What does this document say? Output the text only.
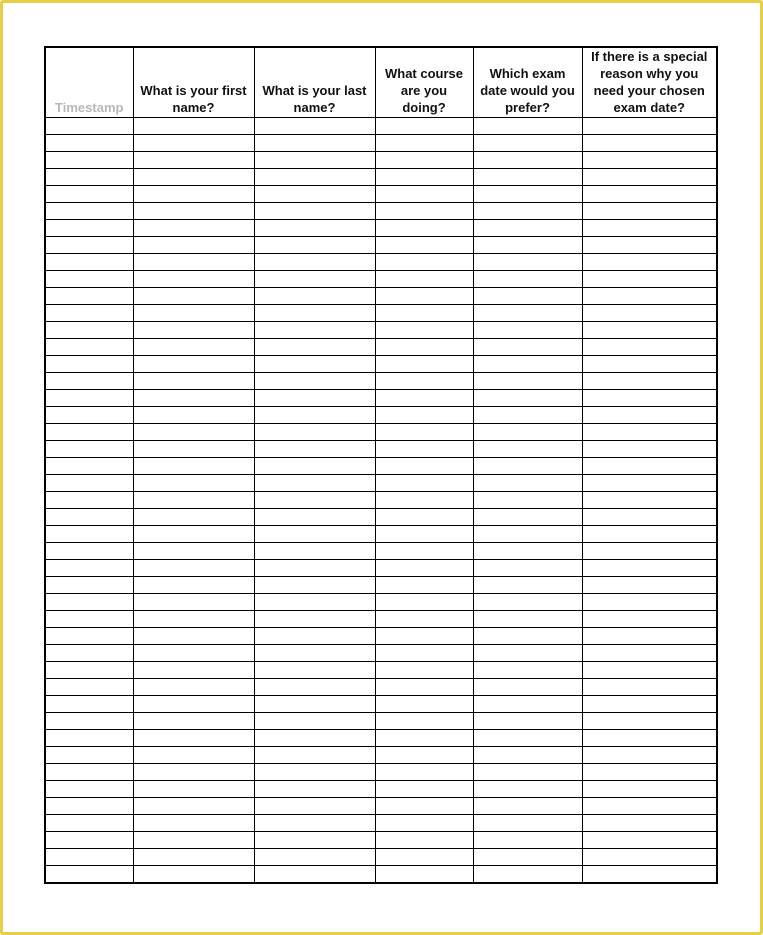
Timestamp	What is your first name?	What is your last name?	What course are you doing?	Which exam date would you prefer?	If there is a special reason why you need your chosen exam date?
